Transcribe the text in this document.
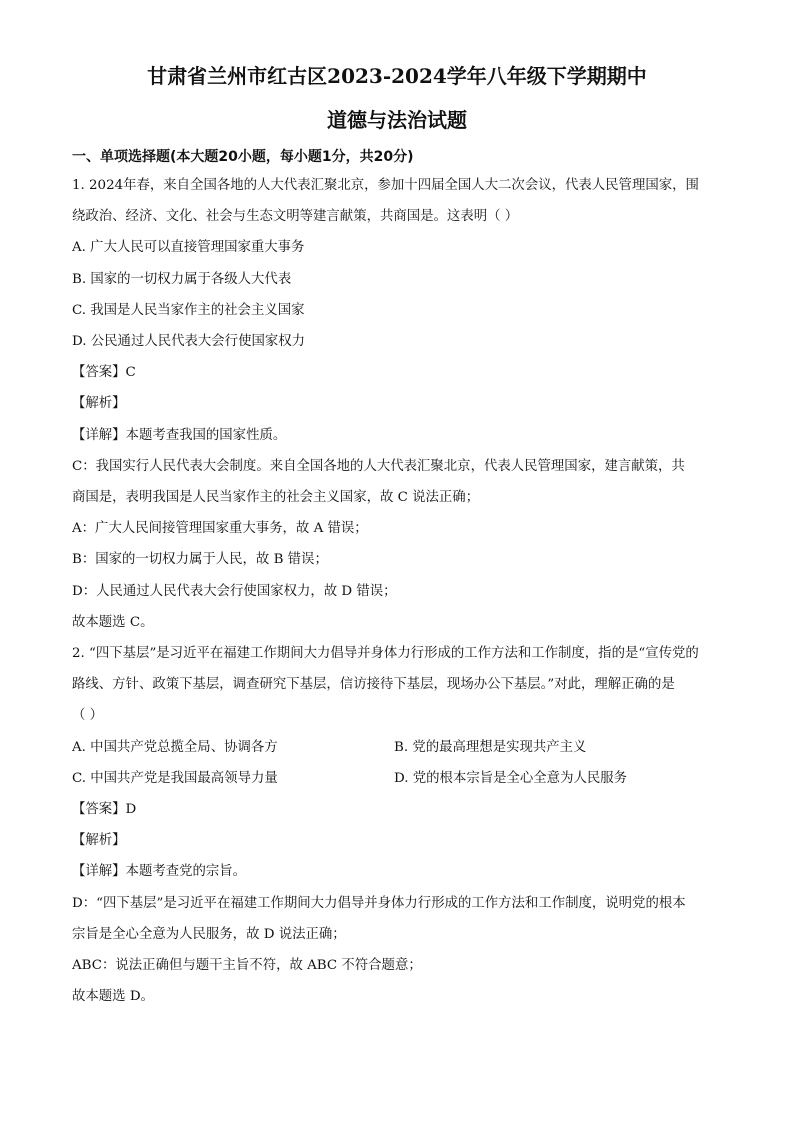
甘肃省兰州市红古区2023-2024学年八年级下学期期中
道德与法治试题

一、单项选择题(本大题20小题，每小题1分，共20分)

1. 2024年春，来自全国各地的人大代表汇聚北京，参加十四届全国人大二次会议，代表人民管理国家，围

绕政治、经济、文化、社会与生态文明等建言献策，共商国是。这表明（ ）

A. 广大人民可以直接管理国家重大事务

B. 国家的一切权力属于各级人大代表

C. 我国是人民当家作主的社会主义国家

D. 公民通过人民代表大会行使国家权力

【答案】C

【解析】

【详解】本题考查我国的国家性质。

C：我国实行人民代表大会制度。来自全国各地的人大代表汇聚北京，代表人民管理国家，建言献策，共

商国是，表明我国是人民当家作主的社会主义国家，故 C 说法正确；

A：广大人民间接管理国家重大事务，故 A 错误；

B：国家的一切权力属于人民，故 B 错误；

D：人民通过人民代表大会行使国家权力，故 D 错误；

故本题选 C。

2. “四下基层”是习近平在福建工作期间大力倡导并身体力行形成的工作方法和工作制度，指的是“宣传党的

路线、方针、政策下基层，调查研究下基层，信访接待下基层，现场办公下基层。”对此，理解正确的是

（ ）

A. 中国共产党总揽全局、协调各方	B. 党的最高理想是实现共产主义

C. 中国共产党是我国最高领导力量	D. 党的根本宗旨是全心全意为人民服务

【答案】D

【解析】

【详解】本题考查党的宗旨。

D：“四下基层”是习近平在福建工作期间大力倡导并身体力行形成的工作方法和工作制度，说明党的根本

宗旨是全心全意为人民服务，故 D 说法正确；

ABC：说法正确但与题干主旨不符，故 ABC 不符合题意；

故本题选 D。
